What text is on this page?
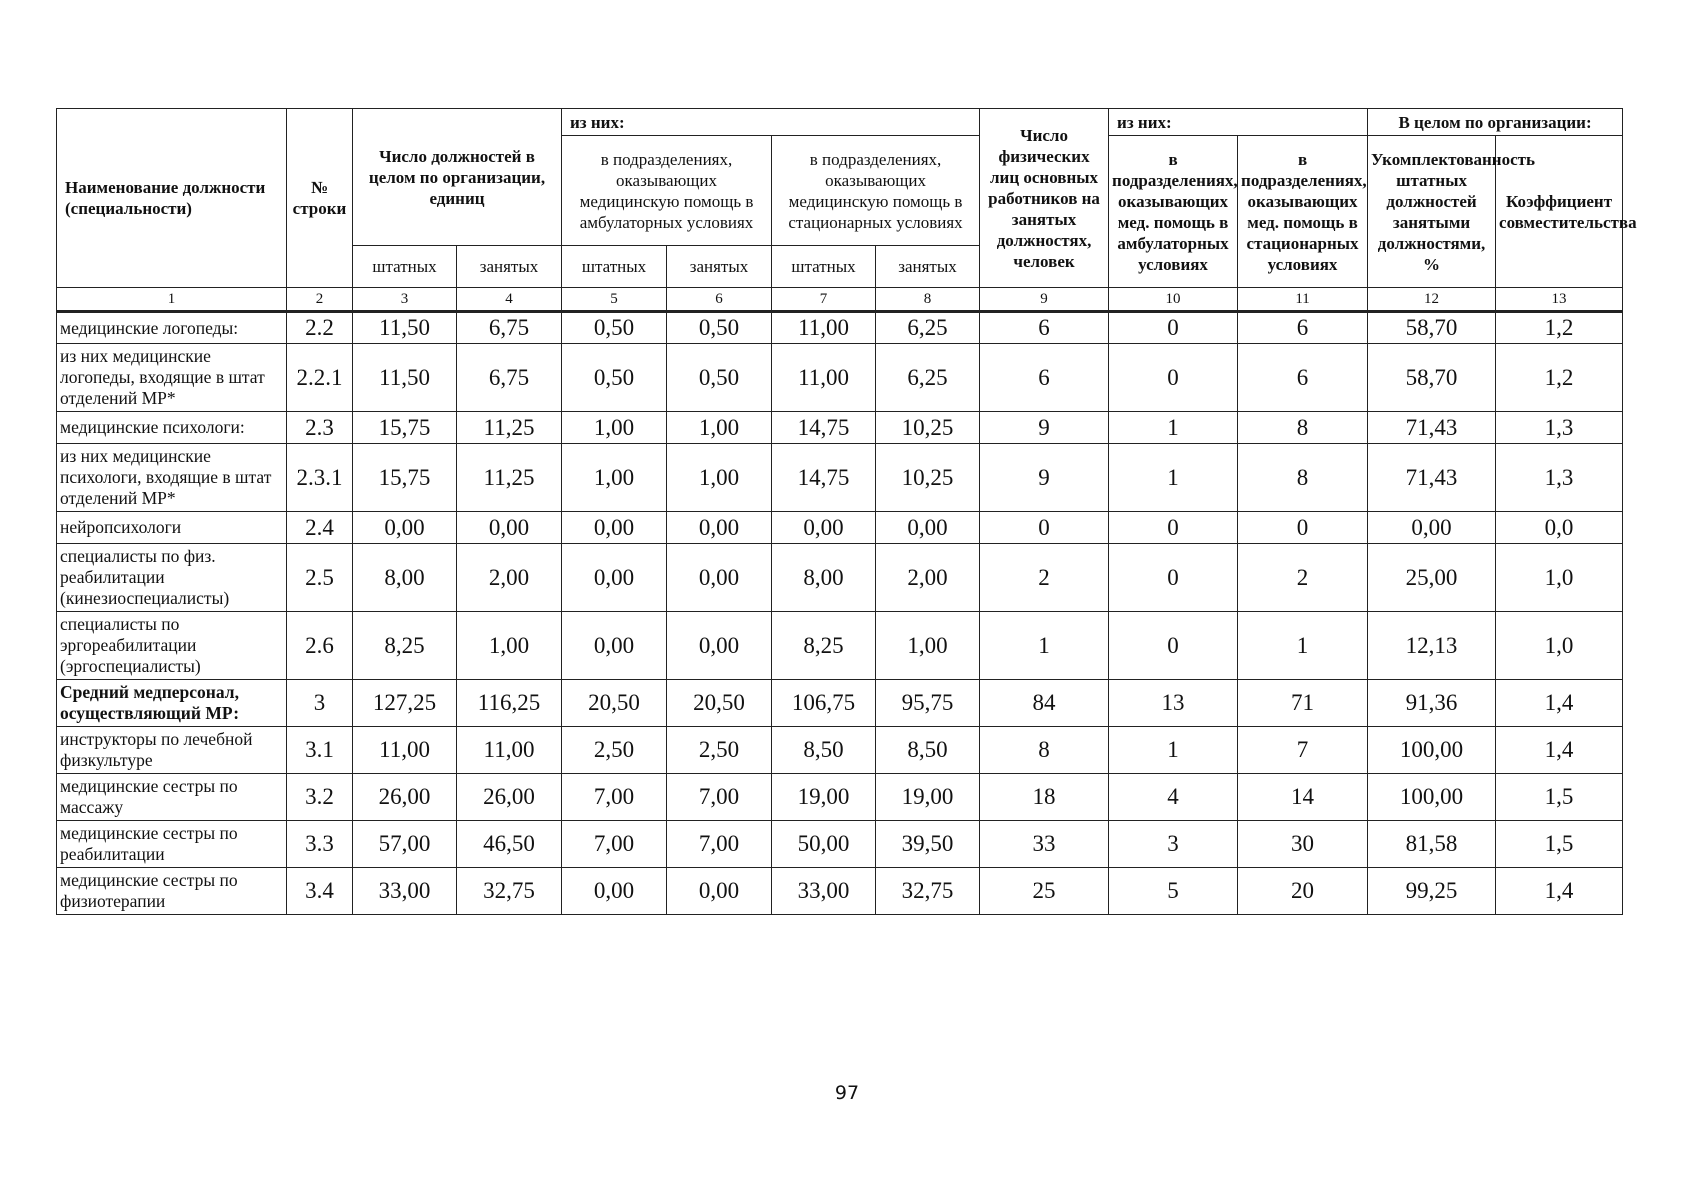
Наименование должности (специальности)	№ строки	Число должностей в целом по организации, единиц		из них:				Число физических лиц основных работников на занятых должностях, человек	из них:		В целом по организации:	
				в подразделениях, оказывающих медицинскую помощь в амбулаторных условиях		в подразделениях, оказывающих медицинскую помощь в стационарных условиях			в подразделениях, оказывающих мед. помощь в амбулаторных условиях	в подразделениях, оказывающих мед. помощь в стационарных условиях	Укомплектованность штатных должностей занятыми должностями, %	Коэффициент совместительства
		штатных	занятых	штатных	занятых	штатных	занятых					
1	2	3	4	5	6	7	8	9	10	11	12	13
медицинские логопеды:	2.2	11,50	6,75	0,50	0,50	11,00	6,25	6	0	6	58,70	1,2
из них медицинские логопеды, входящие в штат отделений МР*	2.2.1	11,50	6,75	0,50	0,50	11,00	6,25	6	0	6	58,70	1,2
медицинские психологи:	2.3	15,75	11,25	1,00	1,00	14,75	10,25	9	1	8	71,43	1,3
из них медицинские психологи, входящие в штат отделений МР*	2.3.1	15,75	11,25	1,00	1,00	14,75	10,25	9	1	8	71,43	1,3
нейропсихологи	2.4	0,00	0,00	0,00	0,00	0,00	0,00	0	0	0	0,00	0,0
специалисты по физ. реабилитации (кинезиоспециалисты)	2.5	8,00	2,00	0,00	0,00	8,00	2,00	2	0	2	25,00	1,0
специалисты по эргореабилитации (эргоспециалисты)	2.6	8,25	1,00	0,00	0,00	8,25	1,00	1	0	1	12,13	1,0
Средний медперсонал, осуществляющий МР:	3	127,25	116,25	20,50	20,50	106,75	95,75	84	13	71	91,36	1,4
инструкторы по лечебной физкультуре	3.1	11,00	11,00	2,50	2,50	8,50	8,50	8	1	7	100,00	1,4
медицинские сестры по массажу	3.2	26,00	26,00	7,00	7,00	19,00	19,00	18	4	14	100,00	1,5
медицинские сестры по реабилитации	3.3	57,00	46,50	7,00	7,00	50,00	39,50	33	3	30	81,58	1,5
медицинские сестры по физиотерапии	3.4	33,00	32,75	0,00	0,00	33,00	32,75	25	5	20	99,25	1,4
97
